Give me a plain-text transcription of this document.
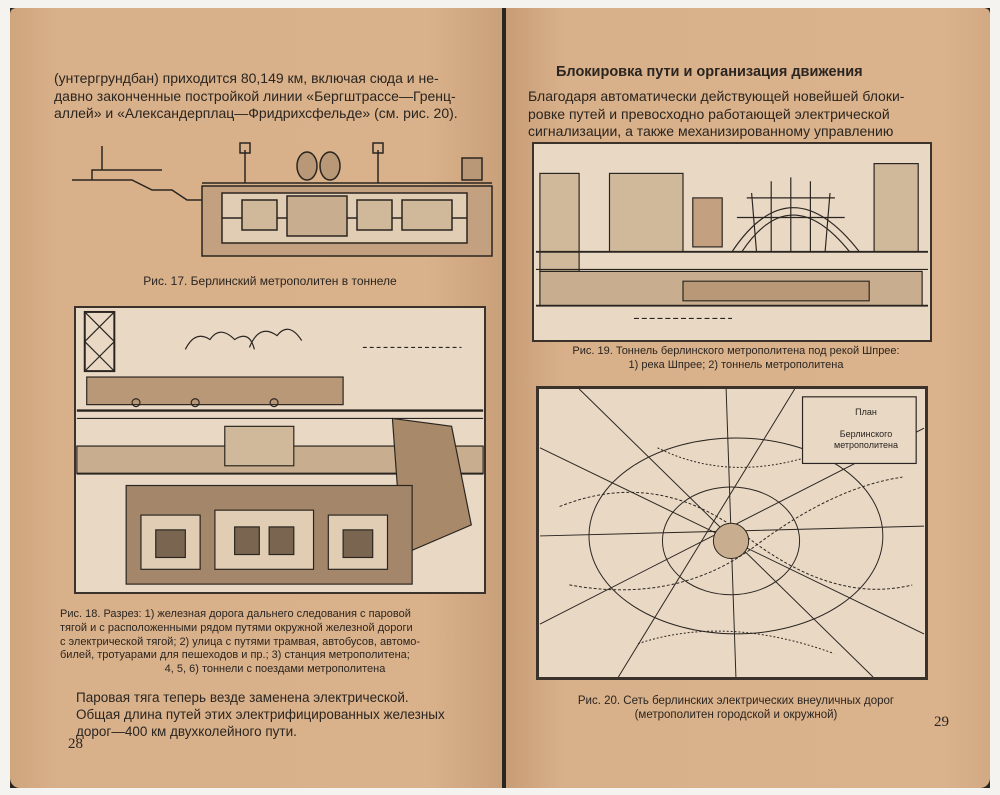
(унтергрундбан) приходится 80,149 км, включая сюда и не-
давно законченные постройкой линии «Бергштрассе—Гренц-
аллей» и «Александерплац—Фридрихсфельде» (см. рис. 20).
Рис. 17. Берлинский метрополитен в тоннеле
Рис. 18. Разрез: 1) железная дорога дальнего следования с паровой
тягой и с расположенными рядом путями окружной железной дороги
с электрической тягой; 2) улица с путями трамвая, автобусов, автомо-
билей, тротуарами для пешеходов и пр.; 3) станция метрополитена;
4, 5, 6) тоннели с поездами метрополитена
Паровая тяга теперь везде заменена электрической.
Общая длина путей этих электрифицированных железных
дорог—400 км двухколейного пути.
28
Блокировка пути и организация движения
Благодаря автоматически действующей новейшей блоки-
ровке путей и превосходно работающей электрической
сигнализации, а также механизированному управлению
Рис. 19. Тоннель берлинского метрополитена под рекой Шпрее:
1) река Шпрее; 2) тоннель метрополитена
План
Берлинского метрополитена
Рис. 20. Сеть берлинских электрических внеуличных дорог
(метрополитен городской и окружной)	29
